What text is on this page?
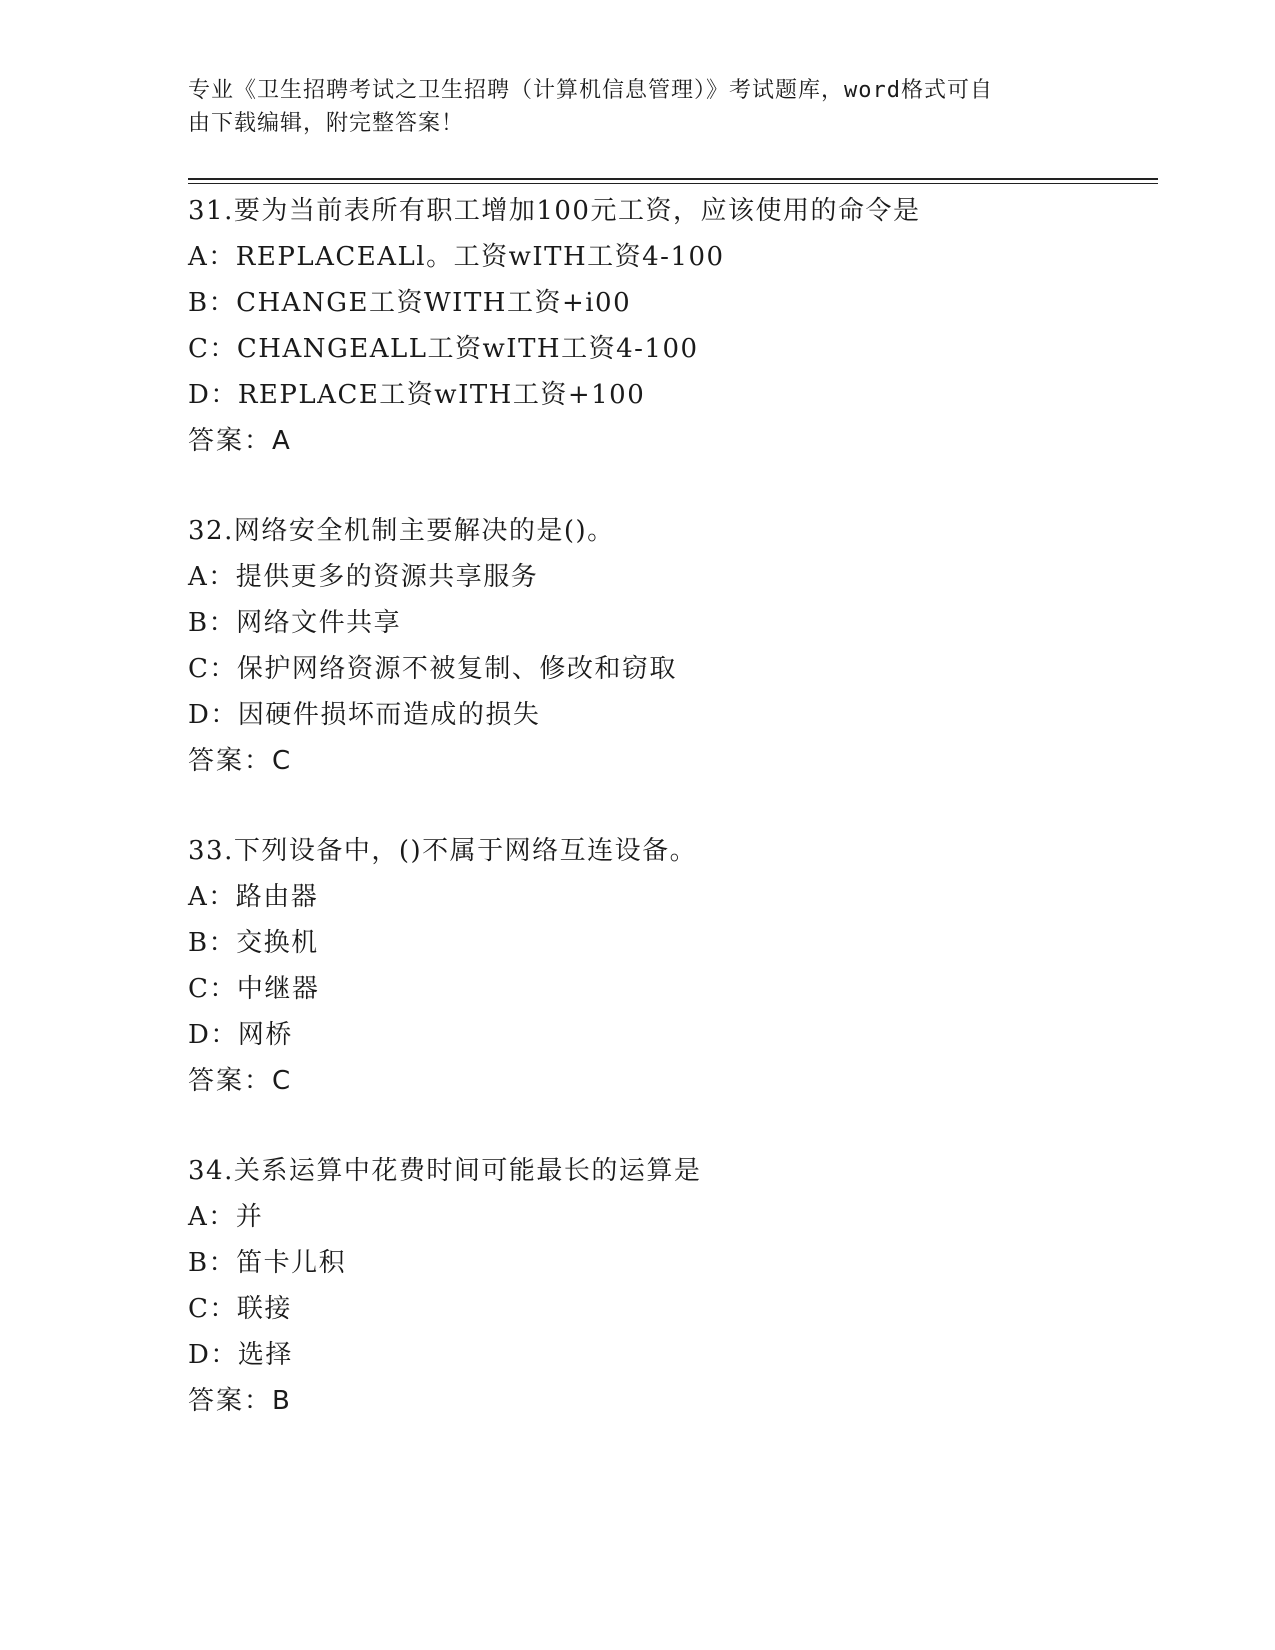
专业《卫生招聘考试之卫生招聘（计算机信息管理）》考试题库，word格式可自
由下载编辑，附完整答案！
31.要为当前表所有职工增加100元工资，应该使用的命令是
A：REPLACEALl。工资wITH工资4-100
B：CHANGE工资WITH工资+i00
C：CHANGEALL工资wITH工资4-100
D：REPLACE工资wITH工资+100
答案：A
32.网络安全机制主要解决的是()。
A：提供更多的资源共享服务
B：网络文件共享
C：保护网络资源不被复制、修改和窃取
D：因硬件损坏而造成的损失
答案：C
33.下列设备中，()不属于网络互连设备。
A：路由器
B：交换机
C：中继器
D：网桥
答案：C
34.关系运算中花费时间可能最长的运算是
A：并
B：笛卡儿积
C：联接
D：选择
答案：B
